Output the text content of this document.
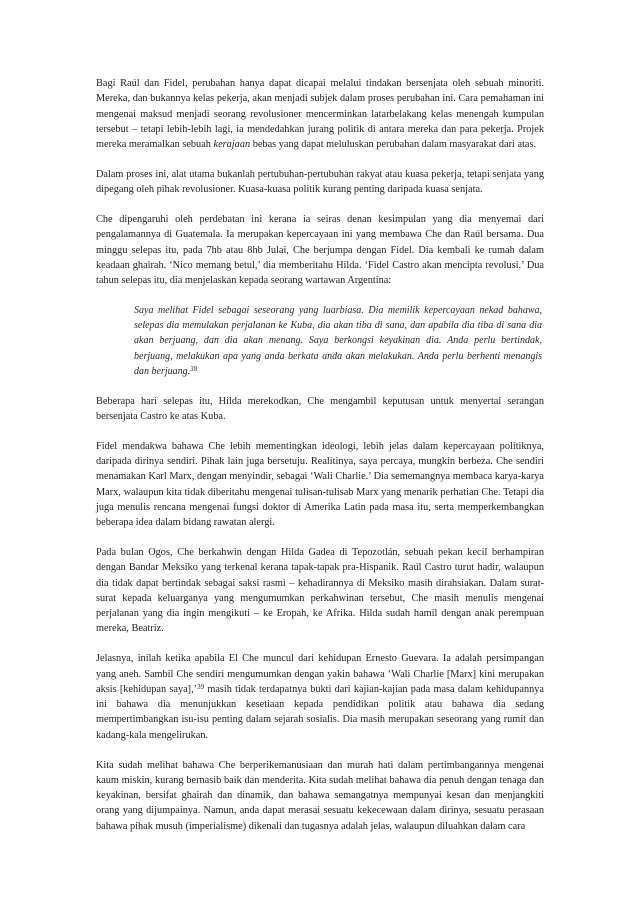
Bagi Raúl dan Fidel, perubahan hanya dapat dicapai melalui tindakan bersenjata oleh sebuah minoriti. Mereka, dan bukannya kelas pekerja, akan menjadi subjek dalam proses perubahan ini. Cara pemahaman ini mengenai maksud menjadi seorang revolusioner mencerminkan latarbelakang kelas menengah kumpulan tersebut – tetapi lebih-lebih lagi, ia mendedahkan jurang politik di antara mereka dan para pekerja. Projek mereka meramalkan sebuah kerajaan bebas yang dapat meluluskan perubahan dalam masyarakat dari atas.

Dalam proses ini, alat utama bukanlah pertubuhan-pertubuhan rakyat atau kuasa pekerja, tetapi senjata yang dipegang oleh pihak revolusioner. Kuasa-kuasa politik kurang penting daripada kuasa senjata.

Che dipengaruhi oleh perdebatan ini kerana ia seiras denan kesimpulan yang dia menyemai dari pengalamannya di Guatemala. Ia merupakan kepercayaan ini yang membawa Che dan Raúl bersama. Dua minggu selepas itu, pada 7hb atau 8hb Julai, Che berjumpa dengan Fidel. Dia kembali ke rumah dalam keadaan ghairah. ‘Nico memang betul,’ dia memberitahu Hilda. ‘Fidel Castro akan mencipta revolusi.’ Dua tahun selepas itu, dia menjelaskan kepada seorang wartawan Argentina:

Saya melihat Fidel sebagai seseorang yang luarbiasa. Dia memilik kepercayaan nekad bahawa, selepas dia memulakan perjalanan ke Kuba, dia akan tiba di sana, dan apabila dia tiba di sana dia akan berjuang, dan dia akan menang. Saya berkongsi keyakinan dia. Anda perlu bertindak, berjuang, melakukan apa yang anda berkata anda akan melakukan. Anda perlu berhenti menangis dan berjuang.$^{38}$

Beberapa hari selepas itu, Hilda merekodkan, Che mengambil keputusan untuk menyertai serangan bersenjata Castro ke atas Kuba.

Fidel mendakwa bahawa Che lebih mementingkan ideologi, lebih jelas dalam kepercayaan politiknya, daripada dirinya sendiri. Pihak lain juga bersetuju. Realitinya, saya percaya, mungkin berbeza. Che sendiri menamakan Karl Marx, dengan menyindir, sebagai ‘Wali Charlie.’ Dia sememangnya membaca karya-karya Marx, walaupun kita tidak diberitahu mengenai tulisan-tulisab Marx yang menarik perhatian Che. Tetapi dia juga menulis rencana mengenai fungsi doktor di Amerika Latin pada masa itu, serta memperkembangkan beberapa idea dalam bidang rawatan alergi.

Pada bulan Ogos, Che berkahwin dengan Hilda Gadea di Tepozotlán, sebuah pekan kecil berhampiran dengan Bandar Meksiko yang terkenal kerana tapak-tapak pra-Hispanik. Raúl Castro turut hadir, walaupun dia tidak dapat bertindak sebagai saksi rasmi – kehadirannya di Meksiko masih dirahsiakan. Dalam surat-surat kepada keluarganya yang mengumumkan perkahwinan tersebut, Che masih menulis mengenai perjalanan yang dia ingin mengikuti – ke Eropah, ke Afrika. Hilda sudah hamil dengan anak perempuan mereka, Beatriz.

Jelasnya, inilah ketika apabila El Che muncul dari kehidupan Ernesto Guevara. Ia adalah persimpangan yang aneh. Sambil Che sendiri mengumumkan dengan yakin bahawa ‘Wali Charlie [Marx] kini merupakan aksis [kehidupan saya],’$^{39}$ masih tidak terdapatnya bukti dari kajian-kajian pada masa dalam kehidupannya ini bahawa dia menunjukkan kesetiaan kepada pendidikan politik atau bahawa dia sedang mempertimbangkan isu-isu penting dalam sejarah sosialis. Dia masih merupakan seseorang yang rumit dan kadang-kala mengelirukan.

Kita sudah melihat bahawa Che berperikemanusiaan dan murah hati dalam pertimbangannya mengenai kaum miskin, kurang bernasib baik dan menderita. Kita sudah melihat bahawa dia penuh dengan tenaga dan keyakinan, bersifat ghairah dan dinamik, dan bahawa semangatnya mempunyai kesan dan menjangkiti orang yang dijumpainya. Namun, anda dapat merasai sesuatu kekecewaan dalam dirinya, sesuatu perasaan bahawa pihak musuh (imperialisme) dikenali dan tugasnya adalah jelas, walaupun diluahkan dalam cara
